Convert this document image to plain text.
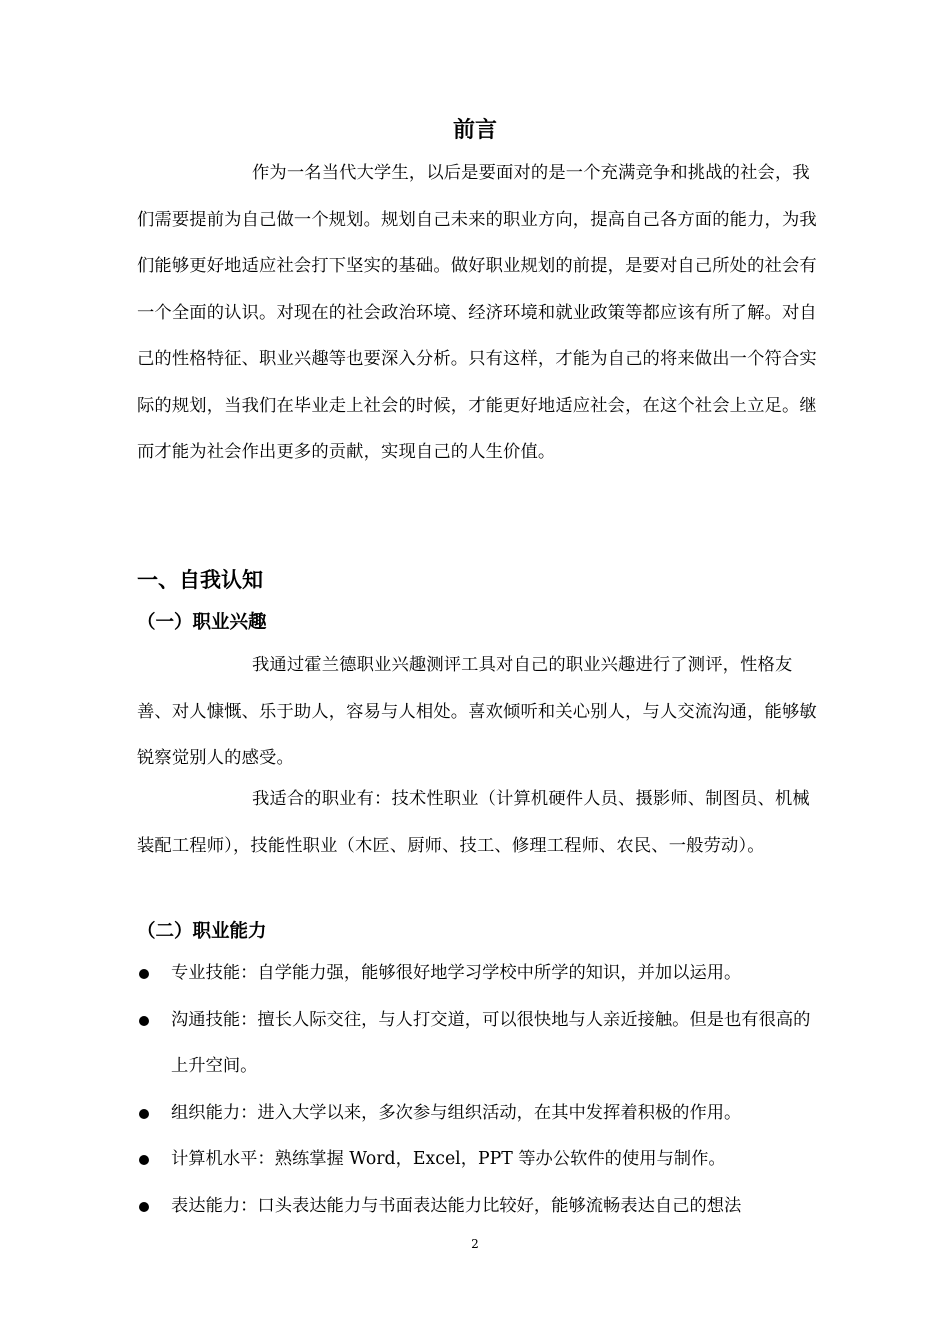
前言
作为一名当代大学生，以后是要面对的是一个充满竞争和挑战的社会，我们需要提前为自己做一个规划。规划自己未来的职业方向，提高自己各方面的能力，为我们能够更好地适应社会打下坚实的基础。做好职业规划的前提，是要对自己所处的社会有一个全面的认识。对现在的社会政治环境、经济环境和就业政策等都应该有所了解。对自己的性格特征、职业兴趣等也要深入分析。只有这样，才能为自己的将来做出一个符合实际的规划，当我们在毕业走上社会的时候，才能更好地适应社会，在这个社会上立足。继而才能为社会作出更多的贡献，实现自己的人生价值。
一、自我认知
（一）职业兴趣
我通过霍兰德职业兴趣测评工具对自己的职业兴趣进行了测评，性格友善、对人慷慨、乐于助人，容易与人相处。喜欢倾听和关心别人，与人交流沟通，能够敏锐察觉别人的感受。
我适合的职业有：技术性职业（计算机硬件人员、摄影师、制图员、机械装配工程师），技能性职业（木匠、厨师、技工、修理工程师、农民、一般劳动）。
（二）职业能力
专业技能：自学能力强，能够很好地学习学校中所学的知识，并加以运用。
沟通技能：擅长人际交往，与人打交道，可以很快地与人亲近接触。但是也有很高的上升空间。
组织能力：进入大学以来，多次参与组织活动，在其中发挥着积极的作用。
计算机水平：熟练掌握 Word，Excel，PPT 等办公软件的使用与制作。
表达能力：口头表达能力与书面表达能力比较好，能够流畅表达自己的想法
2
